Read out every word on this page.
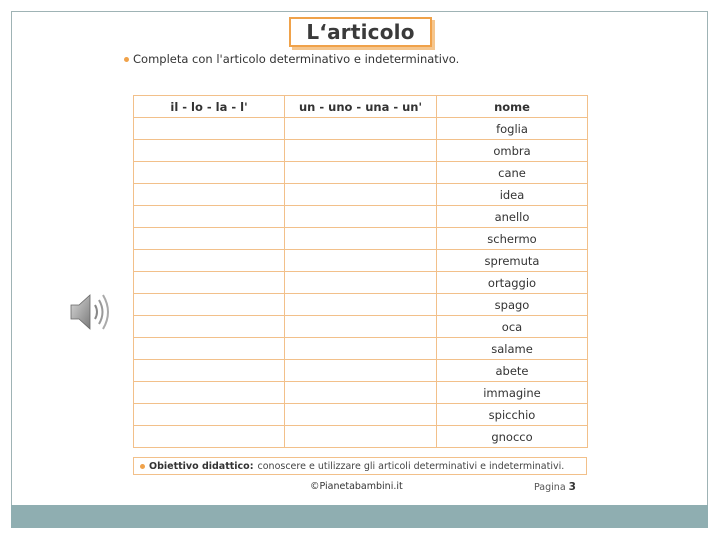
L‘articolo
Completa con l'articolo determinativo e indeterminativo.
il - lo - la - l'	un - uno - una - un'	nome
		foglia
		ombra
		cane
		idea
		anello
		schermo
		spremuta
		ortaggio
		spago
		oca
		salame
		abete
		immagine
		spicchio
		gnocco
Obiettivo didattico: conoscere e utilizzare gli articoli determinativi e indeterminativi.
©Pianetabambini.it	Pagina 3
